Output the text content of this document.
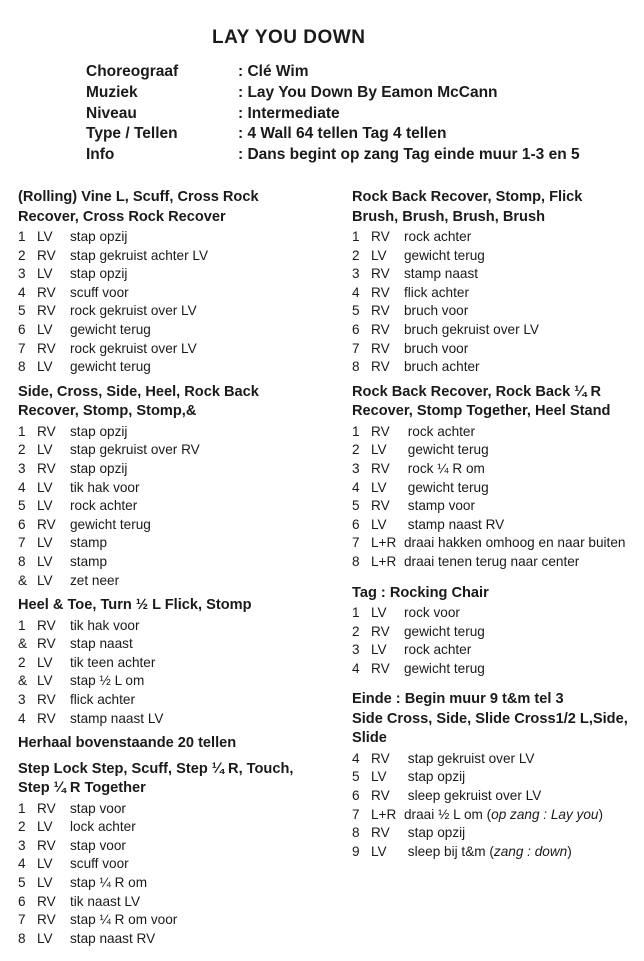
LAY YOU DOWN
Choreograaf	: Clé Wim
Muziek	: Lay You Down By Eamon McCann
Niveau	: Intermediate
Type / Tellen	: 4 Wall 64 tellen Tag 4 tellen
Info	: Dans begint op zang Tag einde muur 1-3 en 5
(Rolling) Vine L, Scuff, Cross Rock
Recover, Cross Rock Recover
1 LV	stap opzij
2 RV	stap gekruist achter LV
3 LV	stap opzij
4 RV	scuff voor
5 RV	rock gekruist over LV
6 LV	gewicht terug
7 RV	rock gekruist over LV
8 LV	gewicht terug
Side, Cross, Side, Heel, Rock Back
Recover, Stomp, Stomp,&
1 RV	stap opzij
2 LV	stap gekruist over RV
3 RV	stap opzij
4 LV	tik hak voor
5 LV	rock achter
6 RV	gewicht terug
7 LV	stamp
8 LV	stamp
& LV	zet neer
Heel & Toe, Turn ½ L Flick, Stomp
1 RV	tik hak voor
& RV	stap naast
2 LV	tik teen achter
& LV	stap ½ L om
3 RV	flick achter
4 RV	stamp naast LV
Herhaal bovenstaande 20 tellen
Step Lock Step, Scuff, Step ¼ R, Touch,
Step ¼ R Together
1 RV	stap voor
2 LV	lock achter
3 RV	stap voor
4 LV	scuff voor
5 LV	stap ¼ R om
6 RV	tik naast LV
7 RV	stap ¼ R om voor
8 LV	stap naast RV
Rock Back Recover, Stomp, Flick
Brush, Brush, Brush, Brush
1 RV	rock achter
2 LV	gewicht terug
3 RV	stamp naast
4 RV	flick achter
5 RV	bruch voor
6 RV	bruch gekruist over LV
7 RV	bruch voor
8 RV	bruch achter
Rock Back Recover, Rock Back ¼ R
Recover, Stomp Together, Heel Stand
1 RV	rock achter
2 LV	gewicht terug
3 RV	rock ¼ R om
4 LV	gewicht terug
5 RV	stamp voor
6 LV	stamp naast RV
7 L+R draai hakken omhoog en naar buiten
8 L+R draai tenen terug naar center
Tag : Rocking Chair
1 LV	rock voor
2 RV	gewicht terug
3 LV	rock achter
4 RV	gewicht terug
Einde : Begin muur 9 t&m tel 3
Side Cross, Side, Slide Cross1/2 L,Side,
Slide
4 RV	stap gekruist over LV
5 LV	stap opzij
6 RV	sleep gekruist over LV
7 L+R draai ½ L om (op zang : Lay you)
8 RV	stap opzij
9 LV	sleep bij t&m (zang : down)
